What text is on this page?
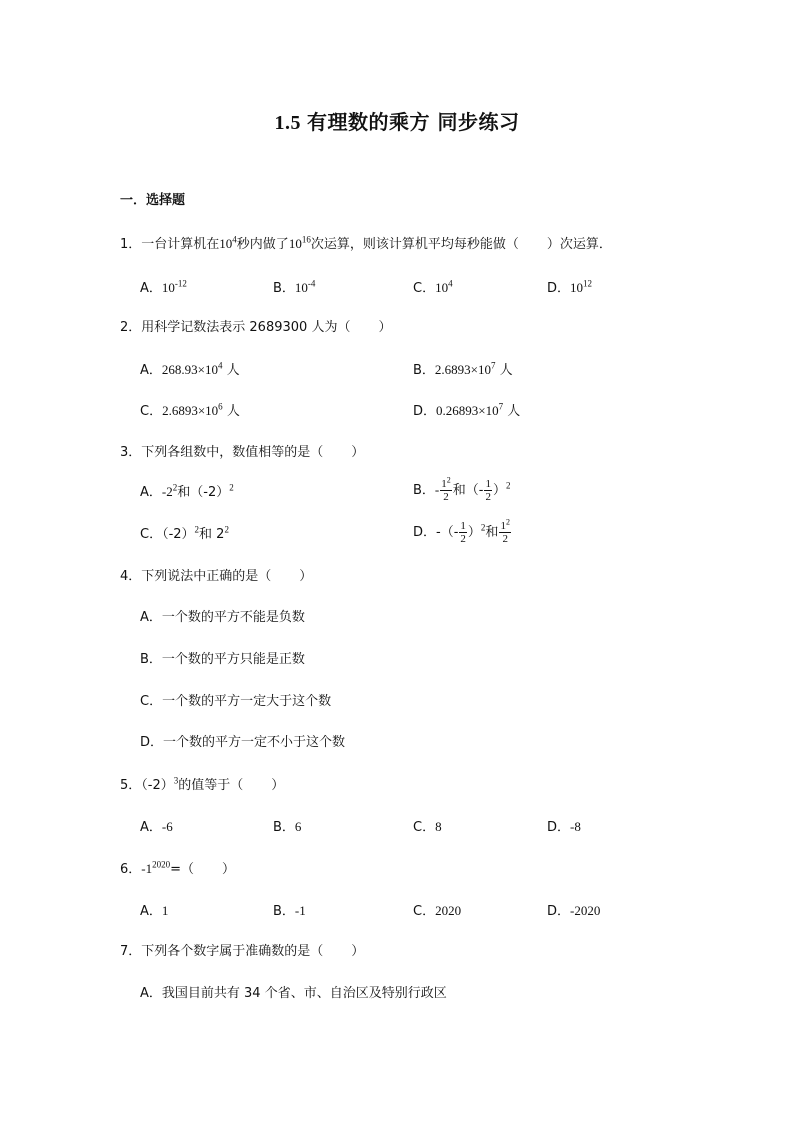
1.5 有理数的乘方 同步练习
一．选择题
1．一台计算机在$10^4$秒内做了$10^{16}$次运算，则该计算机平均每秒能做（ ）次运算．
A．$10^{-12}$	B．$10^{-4}$	C．$10^4$	D．$10^{12}$
2．用科学记数法表示 2689300 人为（ ）
A．$268.93\times 10^4$ 人	B．$2.6893\times 10^7$ 人
C．$2.6893\times 10^6$ 人	D．$0.26893\times 10^7$ 人
3．下列各组数中，数值相等的是（ ）
A．$-2^2$和$(-2)^2$	B．- $\frac{1^2}{2}$ 和（- $\frac{1}{2} )^2$
C．$(-2)^2$和 $2^2$	D．-（- $\frac{1}{2} )^2$和 $\frac{1^2}{2}$
4．下列说法中正确的是（ ）
A．一个数的平方不能是负数
B．一个数的平方只能是正数
C．一个数的平方一定大于这个数
D．一个数的平方一定不小于这个数
5．$(-2)^3$的值等于（ ）
A．-6	B．6	C．8	D．-8
6．$-1^{2020}=$（ ）
A．1	B．-1	C．2020	D．-2020
7．下列各个数字属于准确数的是（ ）
A．我国目前共有 34 个省、市、自治区及特别行政区
